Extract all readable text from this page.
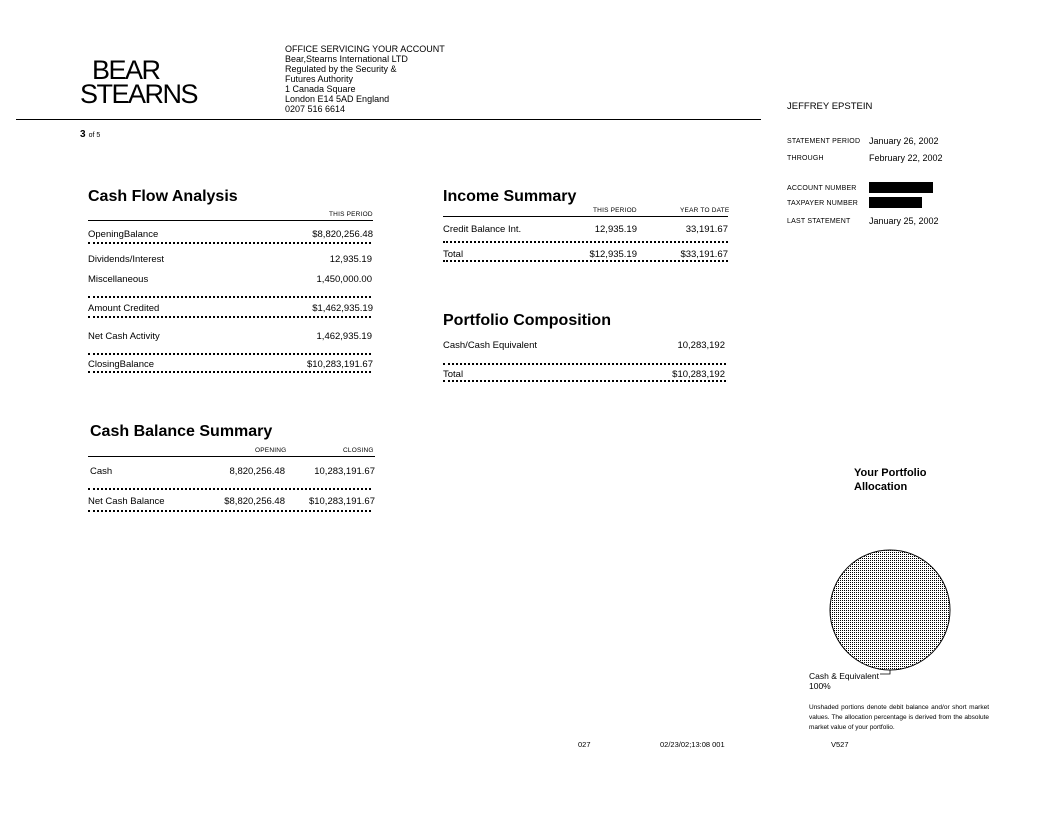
BEAR
STEARNS
OFFICE SERVICING YOUR ACCOUNT
Bear,Stearns International LTD
Regulated by the Security &
Futures Authority
1 Canada Square
London E14 5AD England
0207 516 6614	JEFFREY EPSTEIN
3 of 5
STATEMENT PERIOD January 26, 2002
THROUGH	February 22, 2002
ACCOUNT NUMBER
TAXPAYER NUMBER
LAST STATEMENT January 25, 2002
Cash Flow Analysis
THIS PERIOD
OpeningBalance	$8,820,256.48
Dividends/Interest	12,935.19
Miscellaneous	1,450,000.00
Amount Credited	$1,462,935.19
Net Cash Activity	1,462,935.19
ClosingBalance	$10,283,191.67
Income Summary
THIS PERIOD	YEAR TO DATE
Credit Balance Int.	12,935.19	33,191.67
Total	$12,935.19	$33,191.67
Portfolio Composition
Cash/Cash Equivalent	10,283,192
Total	$10,283,192
Cash Balance Summary
OPENING	CLOSING
Cash	8,820,256.48	10,283,191.67
Net Cash Balance	$8,820,256.48	$10,283,191.67
Your Portfolio
Allocation
Cash & Equivalent
100%
Unshaded portions denote debit balance and/or short market values. The allocation percentage is derived from the absolute market value of your portfolio.
027	02/23/02;13:08 001	V527
